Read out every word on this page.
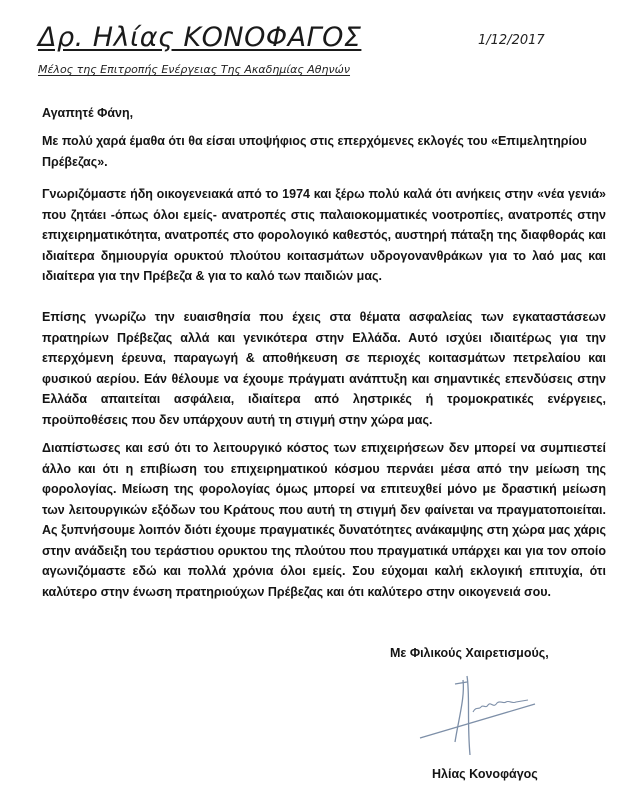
Δρ. Ηλίας ΚΟΝΟΦΑΓΟΣ	1/12/2017
Μέλος της Επιτροπής Ενέργειας Της Ακαδημίας Αθηνών
Αγαπητέ Φάνη,
Με πολύ χαρά έμαθα ότι θα είσαι υποψήφιος στις επερχόμενες εκλογές του «Επιμελητηρίου Πρέβεζας».
Γνωριζόμαστε ήδη οικογενειακά από το 1974 και ξέρω πολύ καλά ότι ανήκεις στην «νέα γενιά» που ζητάει -όπως όλοι εμείς- ανατροπές στις παλαιοκομματικές νοοτροπίες, ανατροπές στην επιχειρηματικότητα, ανατροπές στο φορολογικό καθεστός, αυστηρή πάταξη της διαφθοράς και ιδιαίτερα δημιουργία ορυκτού πλούτου κοιτασμάτων υδρογονανθράκων για το λαό μας και ιδιαίτερα για την Πρέβεζα & για το καλό των παιδιών μας.
Επίσης γνωρίζω την ευαισθησία που έχεις στα θέματα ασφαλείας των εγκαταστάσεων πρατηρίων Πρέβεζας αλλά και γενικότερα στην Ελλάδα. Αυτό ισχύει ιδιαιτέρως για την επερχόμενη έρευνα, παραγωγή & αποθήκευση σε περιοχές κοιτασμάτων πετρελαίου και φυσικού αερίου. Εάν θέλουμε να έχουμε πράγματι ανάπτυξη και σημαντικές επενδύσεις στην Ελλάδα απαιτείται ασφάλεια, ιδιαίτερα από ληστρικές ή τρομοκρατικές ενέργειες, προϋποθέσεις που δεν υπάρχουν αυτή τη στιγμή στην χώρα μας.
Διαπίστωσες και εσύ ότι το λειτουργικό κόστος των επιχειρήσεων δεν μπορεί να συμπιεστεί άλλο και ότι η επιβίωση του επιχειρηματικού κόσμου περνάει μέσα από την μείωση της φορολογίας. Μείωση της φορολογίας όμως μπορεί να επιτευχθεί μόνο με δραστική μείωση των λειτουργικών εξόδων του Κράτους που αυτή τη στιγμή δεν φαίνεται να πραγματοποιείται. Ας ξυπνήσουμε λοιπόν διότι έχουμε πραγματικές δυνατότητες ανάκαμψης στη χώρα μας χάρις στην ανάδειξη του τεράστιου ορυκτου της πλούτου που πραγματικά υπάρχει και για τον οποίο αγωνιζόμαστε εδώ και πολλά χρόνια όλοι εμείς. Σου εύχομαι καλή εκλογική επιτυχία, ότι καλύτερο στην ένωση πρατηριούχων Πρέβεζας και ότι καλύτερο στην οικογενειά σου.
Με Φιλικούς Χαιρετισμούς,
Ηλίας Κονοφάγος
